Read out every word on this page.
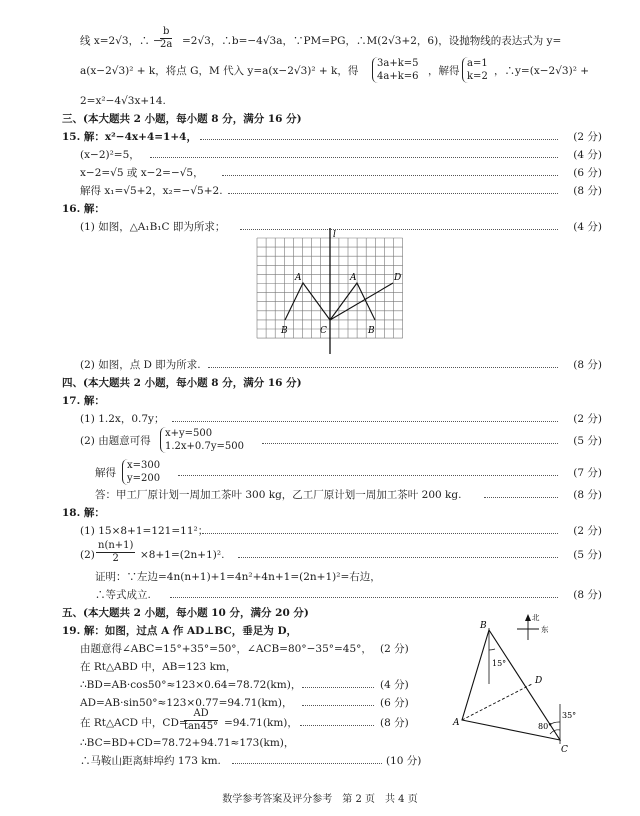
线 x=2√3，∴ −
$\frac{b}{2a} =2√3$，∴b=−4√3a，∵PM=PG，∴M(2√3+2，6)，设抛物线的表达式为 y=
a(x−2√3)² + k，将点 G，M 代入 y=a(x−2√3)² + k，得
3a+k=5
4a+k=6 ，解得
a=1
k=2 ，∴y=(x−2√3)² +
2=x²−4√3x+14.
三、(本大题共 2 小题，每小题 8 分，满分 16 分)
15. 解：x²−4x+4=1+4，	(2 分)
(x−2)²=5，	(4 分)
x−2=√5 或 x−2=−√5，	(6 分)
解得 x₁=√5+2，x₂=−√5+2.	(8 分)
16. 解：
(1) 如图，△A₁B₁C 即为所求；	(4 分)
l
A	A
B	B
C
D
(2) 如图，点 D 即为所求.	(8 分)
四、(本大题共 2 小题，每小题 8 分，满分 16 分)
17. 解：
(1) 1.2x，0.7y；	(2 分)
(2) 由题意可得
x+y=500
1.2x+0.7y=500	(5 分)
解得
x=300
y=200	(7 分)
答：甲工厂原计划一周加工茶叶 300 kg，乙工厂原计划一周加工茶叶 200 kg.	(8 分)
18. 解：
(1) 15×8+1=121=11²；	(2 分)
$(2) \frac{n(n+1)}{2} \times 8+1=(2n+1)^2$.	(5 分)
证明：∵左边=4n(n+1)+1=4n²+4n+1=(2n+1)²=右边，
∴等式成立.	(8 分)
五、(本大题共 2 小题，每小题 10 分，满分 20 分)
19. 解：如图，过点 A 作 AD⊥BC，垂足为 D，
由题意得∠ABC=15°+35°=50°，∠ACB=80°−35°=45°， (2 分)
在 Rt△ABD 中，AB=123 km，
∴BD=AB·cos50°≈123×0.64=78.72(km)，	(4 分)
AD=AB·sin50°≈123×0.77=94.71(km)，	(6 分)
在 Rt△ACD 中，CD=
$\frac{AD}{\tan 45^\circ} =94.71(km)$，	(8 分)
∴BC=BD+CD=78.72+94.71≈173(km)，
∴马鞍山距离蚌埠约 173 km.	(10 分)
北
东
B
A
C
D
15°
35°
80°
数学参考答案及评分参考　第 2 页　共 4 页
